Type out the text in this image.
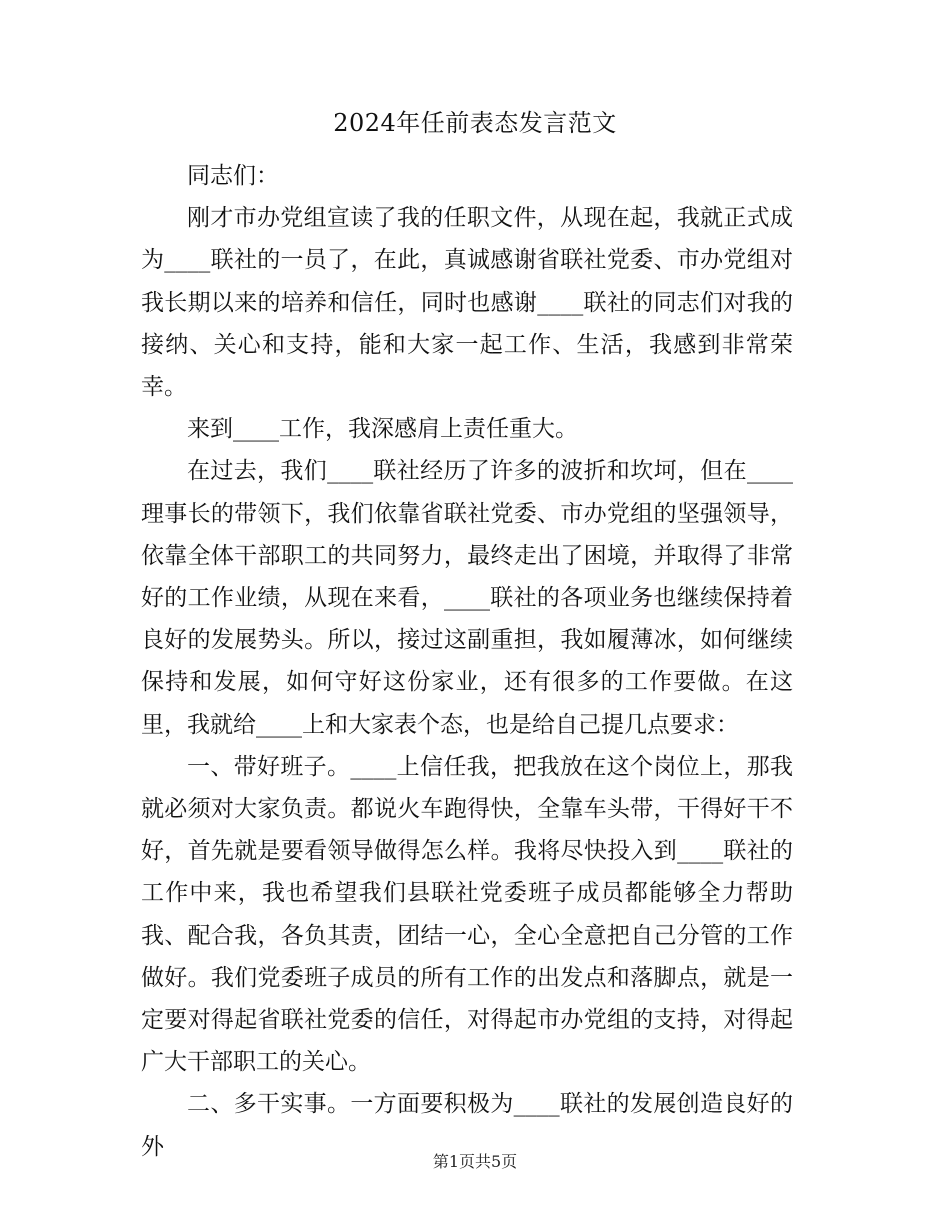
2024年任前表态发言范文

同志们：

刚才市办党组宣读了我的任职文件，从现在起，我就正式成为____联社的一员了，在此，真诚感谢省联社党委、市办党组对我长期以来的培养和信任，同时也感谢____联社的同志们对我的接纳、关心和支持，能和大家一起工作、生活，我感到非常荣幸。

来到____工作，我深感肩上责任重大。

在过去，我们____联社经历了许多的波折和坎坷，但在____理事长的带领下，我们依靠省联社党委、市办党组的坚强领导，依靠全体干部职工的共同努力，最终走出了困境，并取得了非常好的工作业绩，从现在来看，____联社的各项业务也继续保持着良好的发展势头。所以，接过这副重担，我如履薄冰，如何继续保持和发展，如何守好这份家业，还有很多的工作要做。在这里，我就给____上和大家表个态，也是给自己提几点要求：

一、带好班子。____上信任我，把我放在这个岗位上，那我就必须对大家负责。都说火车跑得快，全靠车头带，干得好干不好，首先就是要看领导做得怎么样。我将尽快投入到____联社的工作中来，我也希望我们县联社党委班子成员都能够全力帮助我、配合我，各负其责，团结一心，全心全意把自己分管的工作做好。我们党委班子成员的所有工作的出发点和落脚点，就是一定要对得起省联社党委的信任，对得起市办党组的支持，对得起广大干部职工的关心。

二、多干实事。一方面要积极为____联社的发展创造良好的外

第1页共5页
